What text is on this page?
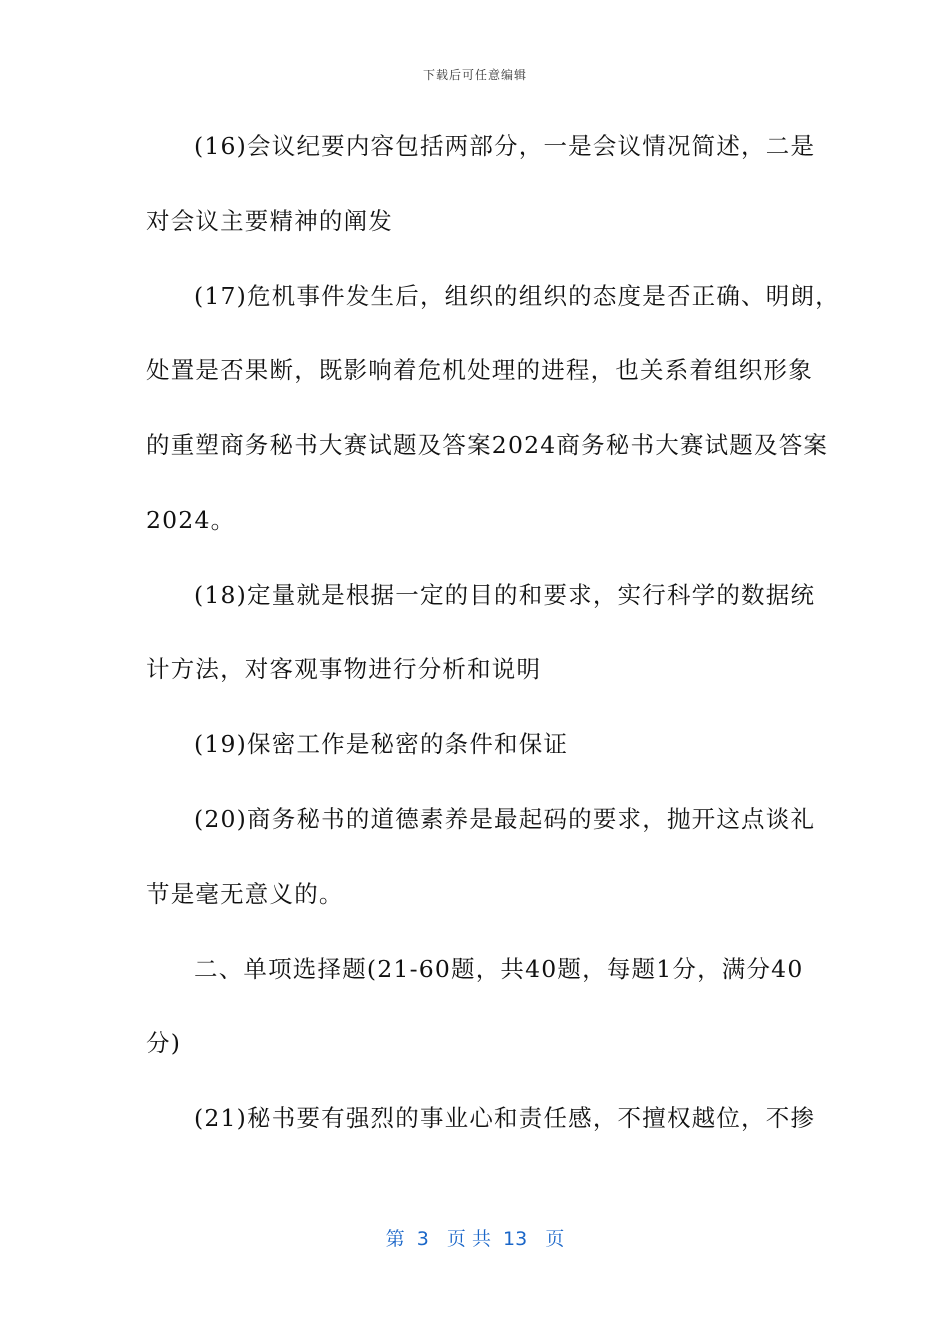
下载后可任意编辑
(16)会议纪要内容包括两部分，一是会议情况简述，二是
对会议主要精神的阐发
(17)危机事件发生后，组织的组织的态度是否正确、明朗，
处置是否果断，既影响着危机处理的进程，也关系着组织形象
的重塑商务秘书大赛试题及答案2024商务秘书大赛试题及答案
2024。
(18)定量就是根据一定的目的和要求，实行科学的数据统
计方法，对客观事物进行分析和说明
(19)保密工作是秘密的条件和保证
(20)商务秘书的道德素养是最起码的要求，抛开这点谈礼
节是毫无意义的。
二、单项选择题(21-60题，共40题，每题1分，满分40
分)
(21)秘书要有强烈的事业心和责任感，不擅权越位，不掺
第  3   页 共  13   页
